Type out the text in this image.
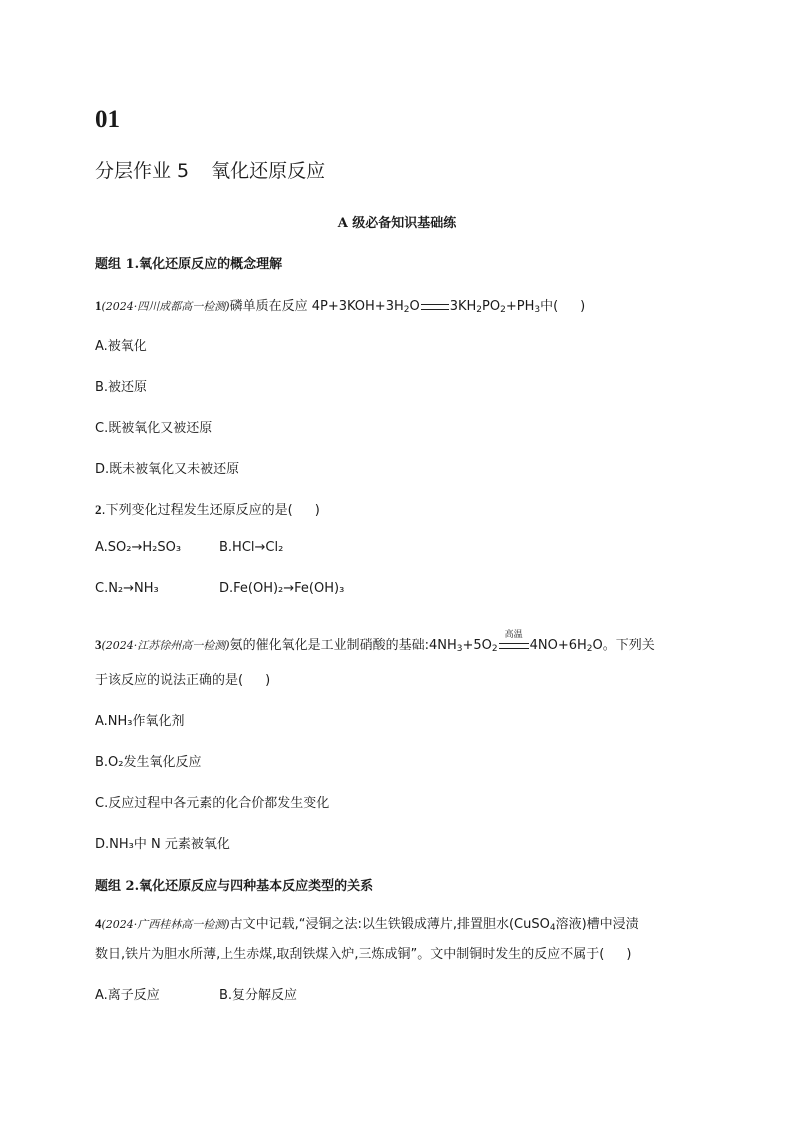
01
分层作业 5 氧化还原反应
A 级必备知识基础练
题组 1.氧化还原反应的概念理解
1(2024·四川成都高一检测)磷单质在反应 $4P+3KOH+3H_2O$ $3KH_2PO_2+PH_3$中( )
A.被氧化
B.被还原
C.既被氧化又被还原
D.既未被氧化又未被还原
2.下列变化过程发生还原反应的是( )
A.SO₂→H₂SO₃	B.HCl→Cl₂
C.N₂→NH₃	D.Fe(OH)₂→Fe(OH)₃
3(2024·江苏徐州高一检测)氨的催化氧化是工业制硝酸的基础$:4NH_3+5O_2$
高温
$4NO+6H_2O$。下列关
于该反应的说法正确的是( )
A.NH₃作氧化剂
B.O₂发生氧化反应
C.反应过程中各元素的化合价都发生变化
D.NH₃中 N 元素被氧化
题组 2.氧化还原反应与四种基本反应类型的关系
4(2024·广西桂林高一检测)古文中记载,“浸铜之法:以生铁锻成薄片,排置胆水(CuSO$_4$溶液)槽中浸渍
数日,铁片为胆水所薄,上生赤煤,取刮铁煤入炉,三炼成铜”。文中制铜时发生的反应不属于( )
A.离子反应	B.复分解反应
